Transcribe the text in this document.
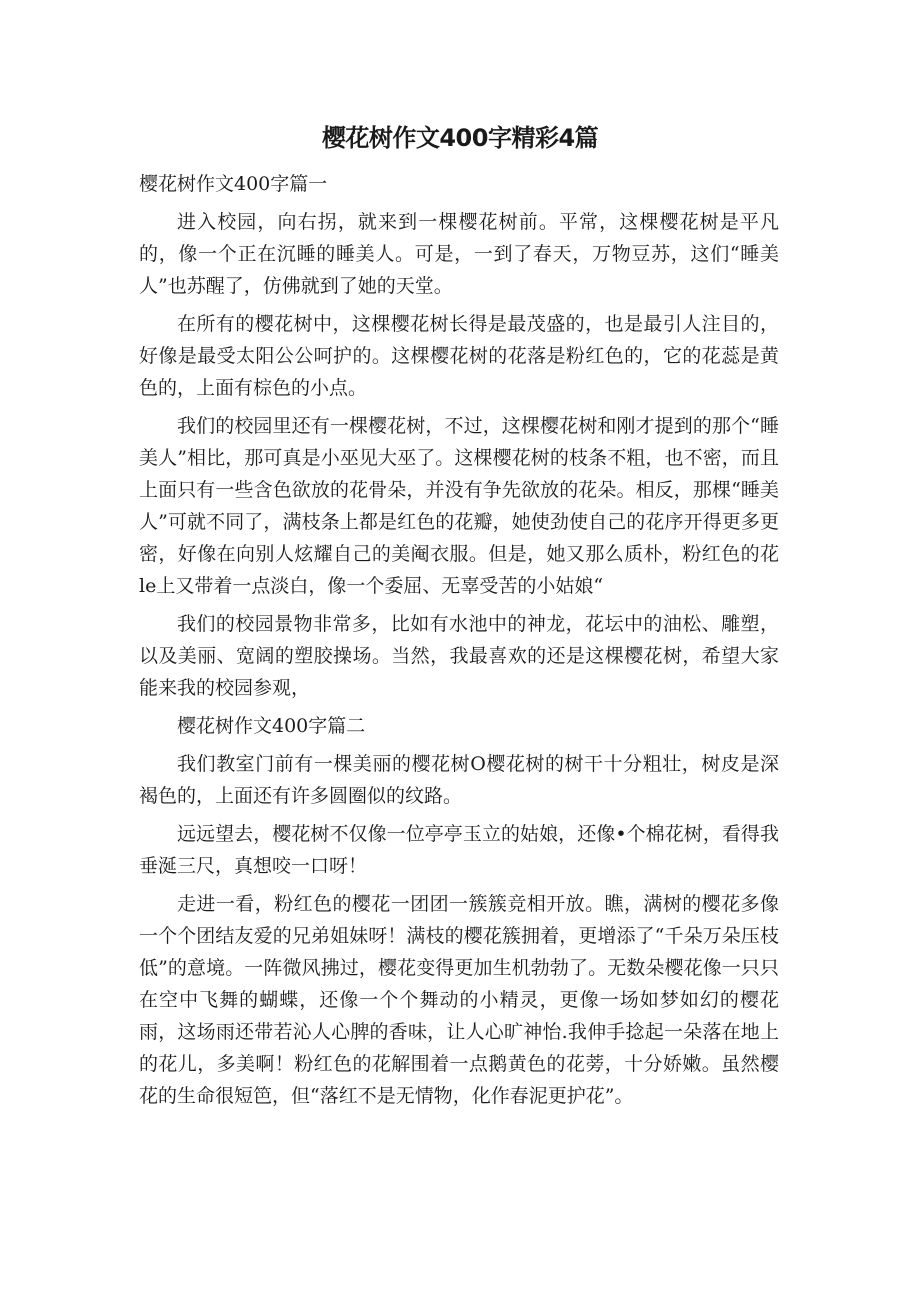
樱花树作文400字精彩4篇

樱花树作文400字篇一

进入校园，向右拐，就来到一棵樱花树前。平常，这棵樱花树是平凡的，像一个正在沉睡的睡美人。可是，一到了春天，万物豆苏，这们“睡美人”也苏醒了，仿佛就到了她的天堂。

在所有的樱花树中，这棵樱花树长得是最茂盛的，也是最引人注目的，好像是最受太阳公公呵护的。这棵樱花树的花落是粉红色的，它的花蕊是黄色的，上面有棕色的小点。

我们的校园里还有一棵樱花树，不过，这棵樱花树和刚才提到的那个“睡美人”相比，那可真是小巫见大巫了。这棵樱花树的枝条不粗，也不密，而且上面只有一些含色欲放的花骨朵，并没有争先欲放的花朵。相反，那棵“睡美人”可就不同了，满枝条上都是红色的花瓣，她使劲使自己的花序开得更多更密，好像在向别人炫耀自己的美阉衣服。但是，她又那么质朴，粉红色的花le上又带着一点淡白，像一个委屈、无辜受苦的小姑娘“

我们的校园景物非常多，比如有水池中的神龙，花坛中的油松、雕塑，以及美丽、宽阔的塑胶操场。当然，我最喜欢的还是这棵樱花树，希望大家能来我的校园参观，

樱花树作文400字篇二

我们教室门前有一棵美丽的樱花树O樱花树的树干十分粗壮，树皮是深褐色的，上面还有许多圆圈似的纹路。

远远望去，樱花树不仅像一位亭亭玉立的姑娘，还像•个棉花树，看得我垂涎三尺，真想咬一口呀！

走进一看，粉红色的樱花一团团一簇簇竞相开放。瞧，满树的樱花多像一个个团结友爱的兄弟姐妹呀！满枝的樱花簇拥着，更增添了“千朵万朵压枝低”的意境。一阵微风拂过，樱花变得更加生机勃勃了。无数朵樱花像一只只在空中飞舞的蝴蝶，还像一个个舞动的小精灵，更像一场如梦如幻的樱花雨，这场雨还带若沁人心脾的香味，让人心旷神怡.我伸手捻起一朵落在地上的花儿，多美啊！粉红色的花解围着一点鹅黄色的花蒡，十分娇嫩。虽然樱花的生命很短笆，但“落红不是无情物，化作春泥更护花”。
